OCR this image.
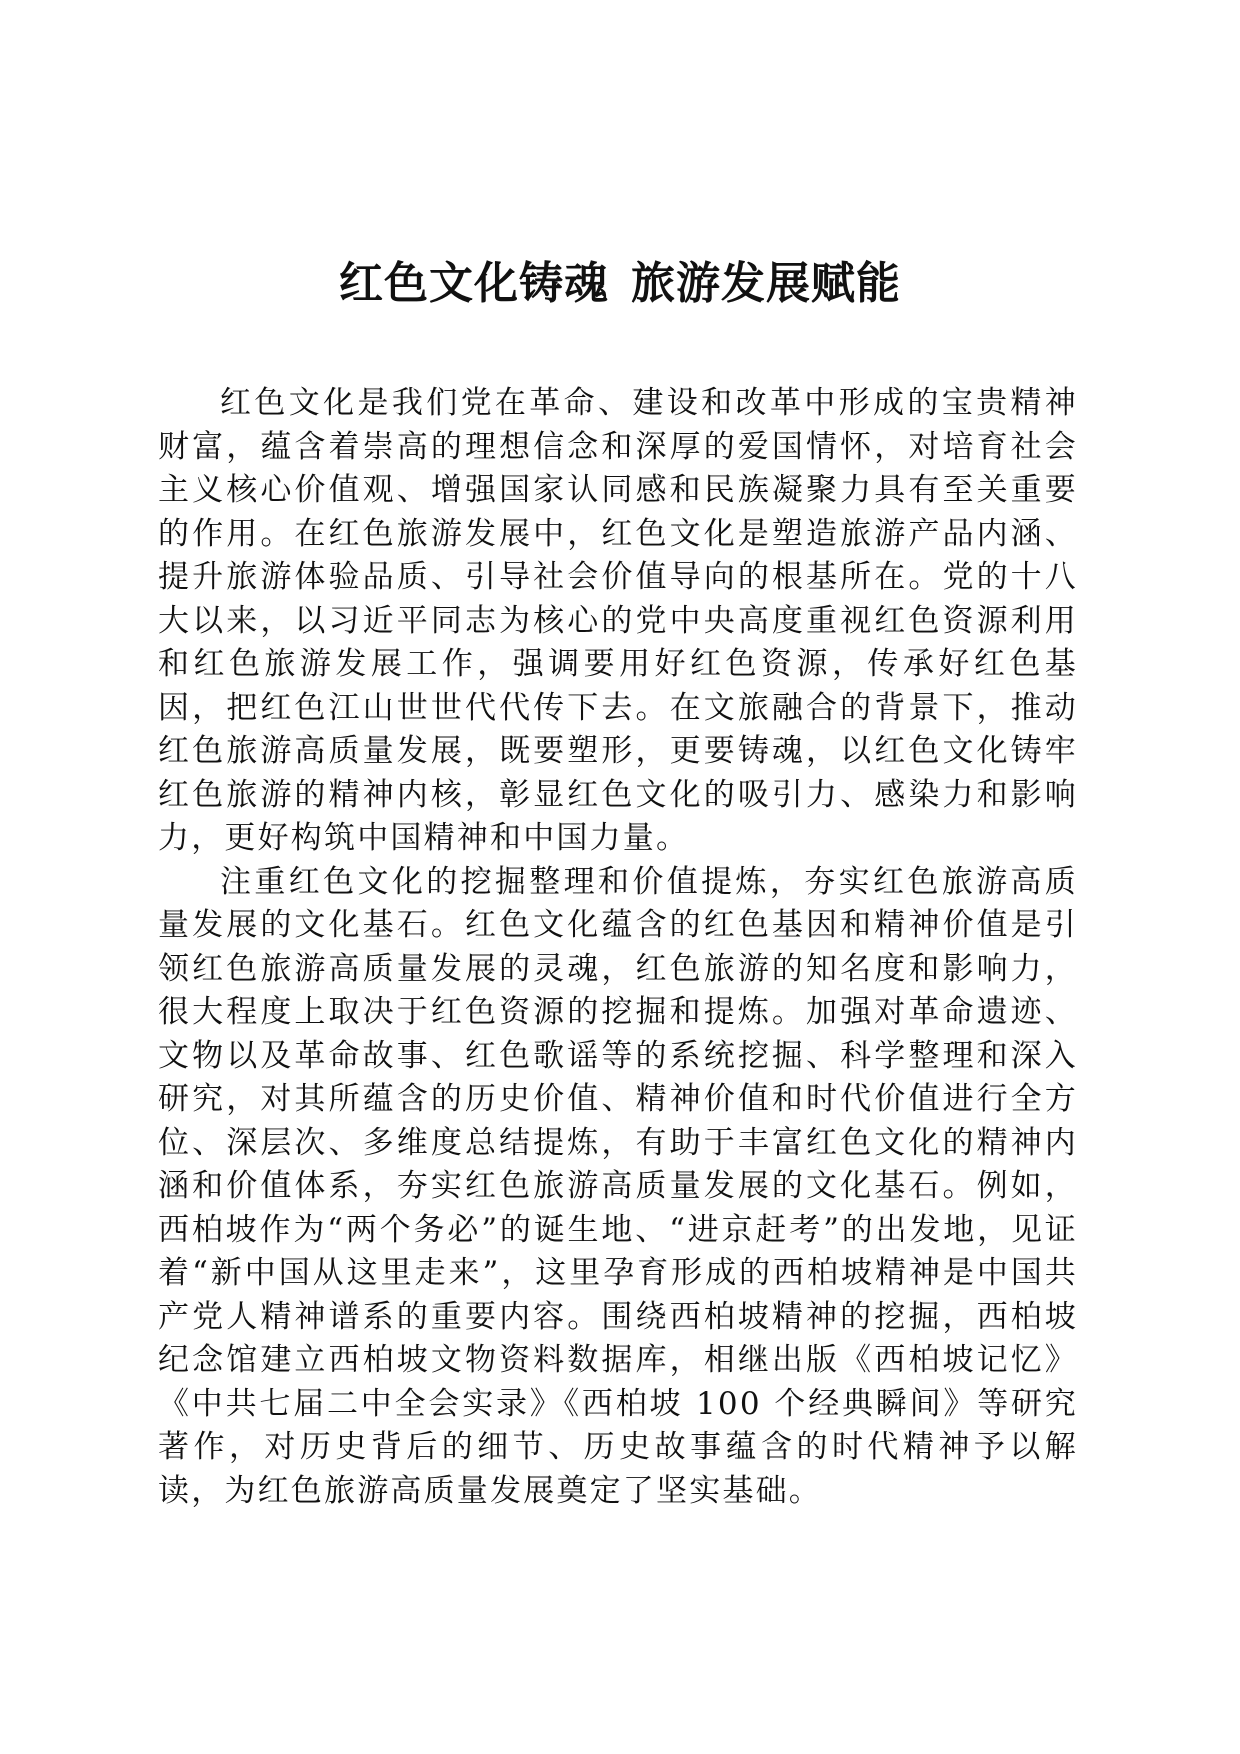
红色文化铸魂 旅游发展赋能

红色文化是我们党在革命、建设和改革中形成的宝贵精神财富，蕴含着崇高的理想信念和深厚的爱国情怀，对培育社会主义核心价值观、增强国家认同感和民族凝聚力具有至关重要的作用。在红色旅游发展中，红色文化是塑造旅游产品内涵、提升旅游体验品质、引导社会价值导向的根基所在。党的十八大以来，以习近平同志为核心的党中央高度重视红色资源利用和红色旅游发展工作，强调要用好红色资源，传承好红色基因，把红色江山世世代代传下去。在文旅融合的背景下，推动红色旅游高质量发展，既要塑形，更要铸魂，以红色文化铸牢红色旅游的精神内核，彰显红色文化的吸引力、感染力和影响力，更好构筑中国精神和中国力量。

注重红色文化的挖掘整理和价值提炼，夯实红色旅游高质量发展的文化基石。红色文化蕴含的红色基因和精神价值是引领红色旅游高质量发展的灵魂，红色旅游的知名度和影响力，很大程度上取决于红色资源的挖掘和提炼。加强对革命遗迹、文物以及革命故事、红色歌谣等的系统挖掘、科学整理和深入研究，对其所蕴含的历史价值、精神价值和时代价值进行全方位、深层次、多维度总结提炼，有助于丰富红色文化的精神内涵和价值体系，夯实红色旅游高质量发展的文化基石。例如，西柏坡作为“两个务必”的诞生地、“进京赶考”的出发地，见证着“新中国从这里走来”，这里孕育形成的西柏坡精神是中国共产党人精神谱系的重要内容。围绕西柏坡精神的挖掘，西柏坡纪念馆建立西柏坡文物资料数据库，相继出版《西柏坡记忆》《中共七届二中全会实录》《西柏坡 100 个经典瞬间》等研究著作，对历史背后的细节、历史故事蕴含的时代精神予以解读，为红色旅游高质量发展奠定了坚实基础。
